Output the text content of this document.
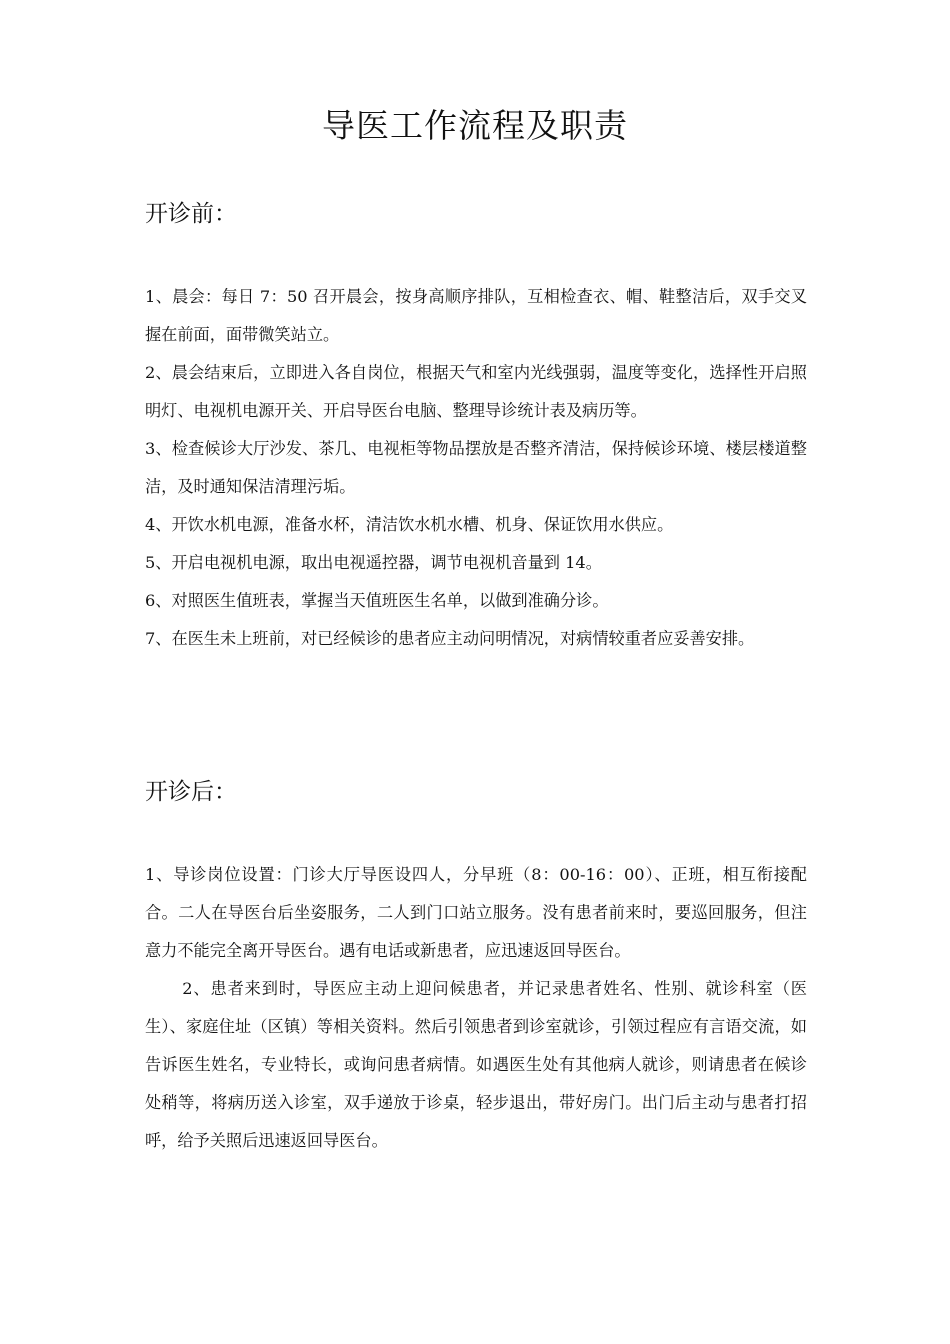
导医工作流程及职责
开诊前：

1、晨会：每日 7：50 召开晨会，按身高顺序排队，互相检查衣、帽、鞋整洁后，双手交叉握在前面，面带微笑站立。

2、晨会结束后，立即进入各自岗位，根据天气和室内光线强弱，温度等变化，选择性开启照明灯、电视机电源开关、开启导医台电脑、整理导诊统计表及病历等。

3、检查候诊大厅沙发、茶几、电视柜等物品摆放是否整齐清洁，保持候诊环境、楼层楼道整洁，及时通知保洁清理污垢。

4、开饮水机电源，准备水杯，清洁饮水机水槽、机身、保证饮用水供应。

5、开启电视机电源，取出电视遥控器，调节电视机音量到 14。

6、对照医生值班表，掌握当天值班医生名单，以做到准确分诊。

7、在医生未上班前，对已经候诊的患者应主动问明情况，对病情较重者应妥善安排。

开诊后：

1、导诊岗位设置：门诊大厅导医设四人，分早班（8：00-16：00）、正班，相互衔接配合。二人在导医台后坐姿服务，二人到门口站立服务。没有患者前来时，要巡回服务，但注意力不能完全离开导医台。遇有电话或新患者，应迅速返回导医台。

2、患者来到时，导医应主动上迎问候患者，并记录患者姓名、性别、就诊科室（医生）、家庭住址（区镇）等相关资料。然后引领患者到诊室就诊，引领过程应有言语交流，如告诉医生姓名，专业特长，或询问患者病情。如遇医生处有其他病人就诊，则请患者在候诊处稍等，将病历送入诊室，双手递放于诊桌，轻步退出，带好房门。出门后主动与患者打招呼，给予关照后迅速返回导医台。
